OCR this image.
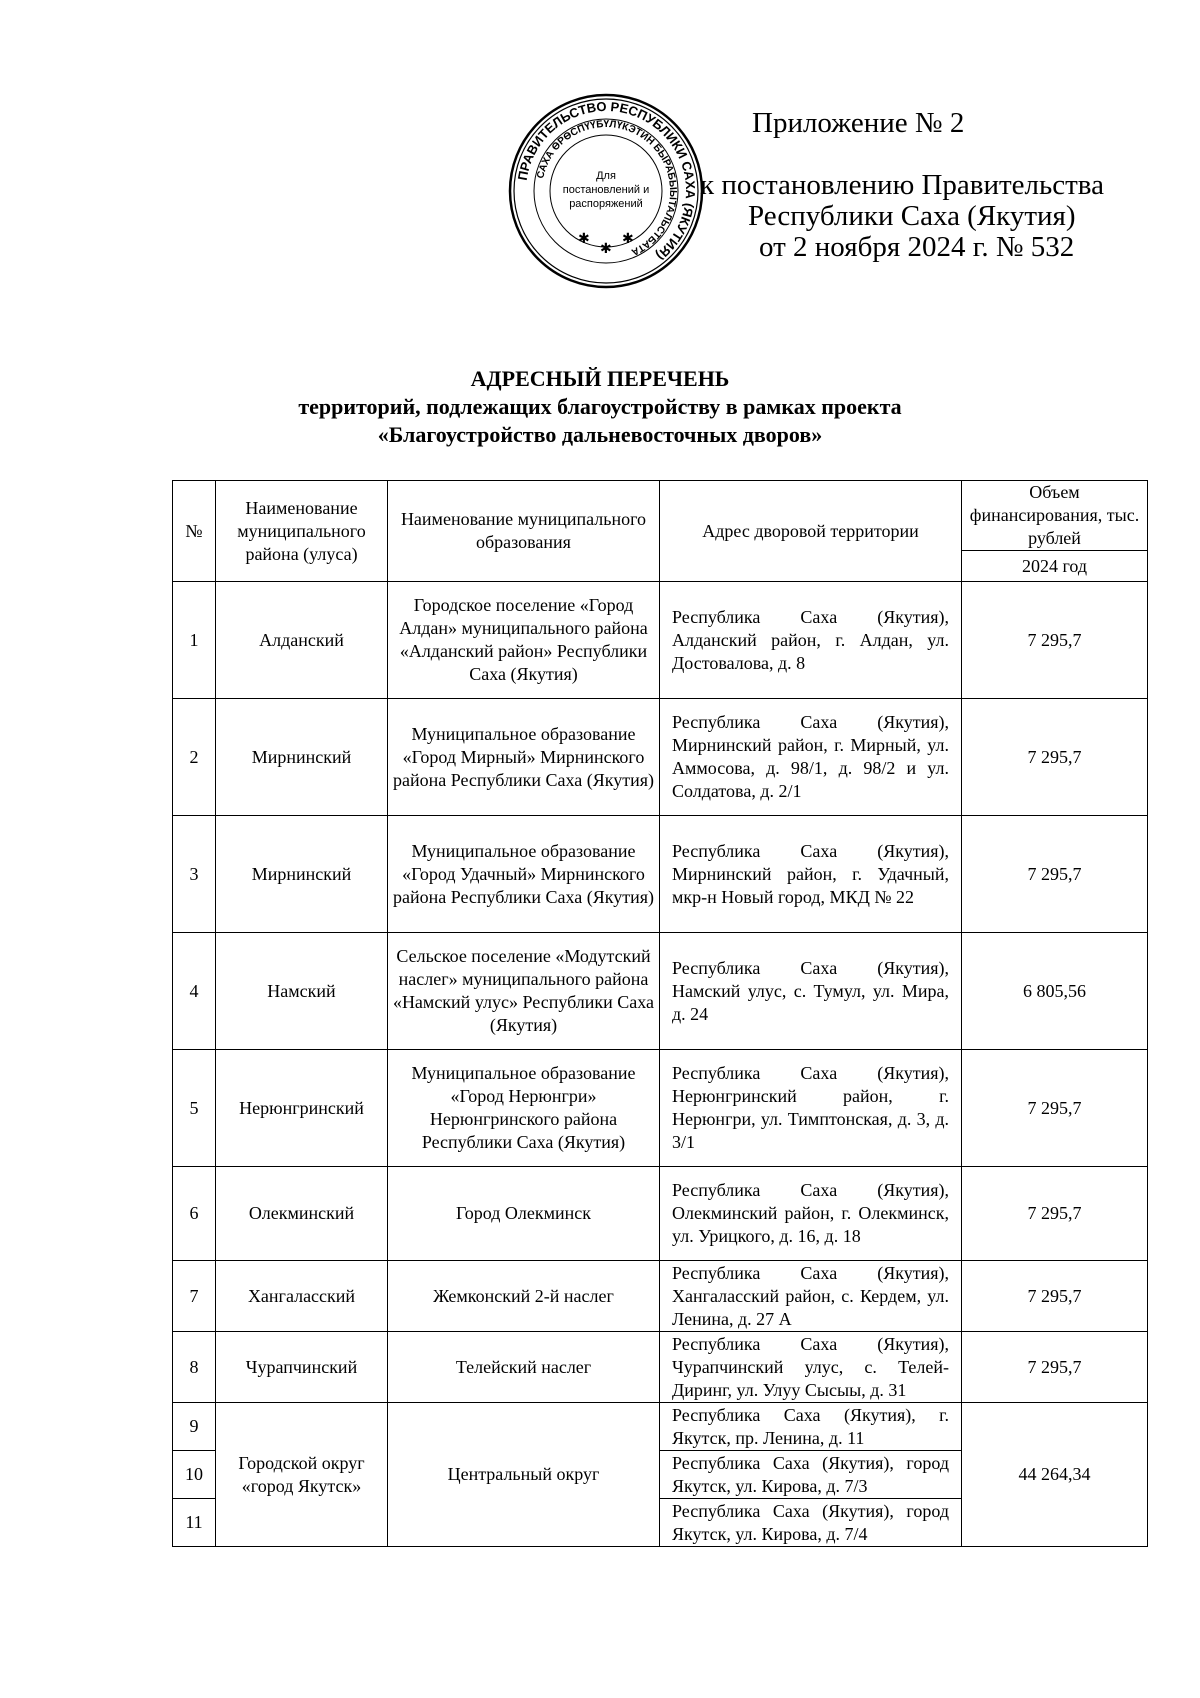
ПРАВИТЕЛЬСТВО РЕСПУБЛИКИ САХА (ЯКУТИЯ)
САХА ӨРӨСПҮҮБҮЛҮКЭТИН БЫРАБЫЫТАЛЬСТБАТА
Для
постановлений и
распоряжений
✱
✱
✱
Приложение № 2
к постановлению Правительства
Республики Саха (Якутия)
от 2 ноября 2024 г. № 532
АДРЕСНЫЙ ПЕРЕЧЕНЬ
территорий, подлежащих благоустройству в рамках проекта
«Благоустройство дальневосточных дворов»
№	Наименование муниципального района (улуса)	Наименование муниципального образования	Адрес дворовой территории	Объем финансирования, тыс. рублей
				2024 год
1	Алданский	Городское поселение «Город Алдан» муниципального района «Алданский район» Республики Саха (Якутия)	Республика Саха (Якутия), Алданский район, г. Алдан, ул. Достовалова, д. 8	7 295,7
2	Мирнинский	Муниципальное образование «Город Мирный» Мирнинского района Республики Саха (Якутия)	Республика Саха (Якутия), Мирнинский район, г. Мирный, ул. Аммосова, д. 98/1, д. 98/2 и ул. Солдатова, д. 2/1	7 295,7
3	Мирнинский	Муниципальное образование «Город Удачный» Мирнинского района Республики Саха (Якутия)	Республика Саха (Якутия), Мирнинский район, г. Удачный, мкр-н Новый город, МКД № 22	7 295,7
4	Намский	Сельское поселение «Модутский наслег» муниципального района «Намский улус» Республики Саха (Якутия)	Республика Саха (Якутия), Намский улус, с. Тумул, ул. Мира, д. 24	6 805,56
5	Нерюнгринский	Муниципальное образование «Город Нерюнгри» Нерюнгринского района Республики Саха (Якутия)	Республика Саха (Якутия), Нерюнгринский район, г. Нерюнгри, ул. Тимптонская, д. 3, д. 3/1	7 295,7
6	Олекминский	Город Олекминск	Республика Саха (Якутия), Олекминский район, г. Олекминск, ул. Урицкого, д. 16, д. 18	7 295,7
7	Хангаласский	Жемконский 2-й наслег	Республика Саха (Якутия), Хангаласский район, с. Кердем, ул. Ленина, д. 27 А	7 295,7
8	Чурапчинский	Телейский наслег	Республика Саха (Якутия), Чурапчинский улус, с. Телей-Диринг, ул. Улуу Сысыы, д. 31	7 295,7
9	Городской округ «город Якутск»	Центральный округ	Республика Саха (Якутия), г. Якутск, пр. Ленина, д. 11	44 264,34
10			Республика Саха (Якутия), город Якутск, ул. Кирова, д. 7/3	

11			Республика Саха (Якутия), город Якутск, ул. Кирова, д. 7/4	
